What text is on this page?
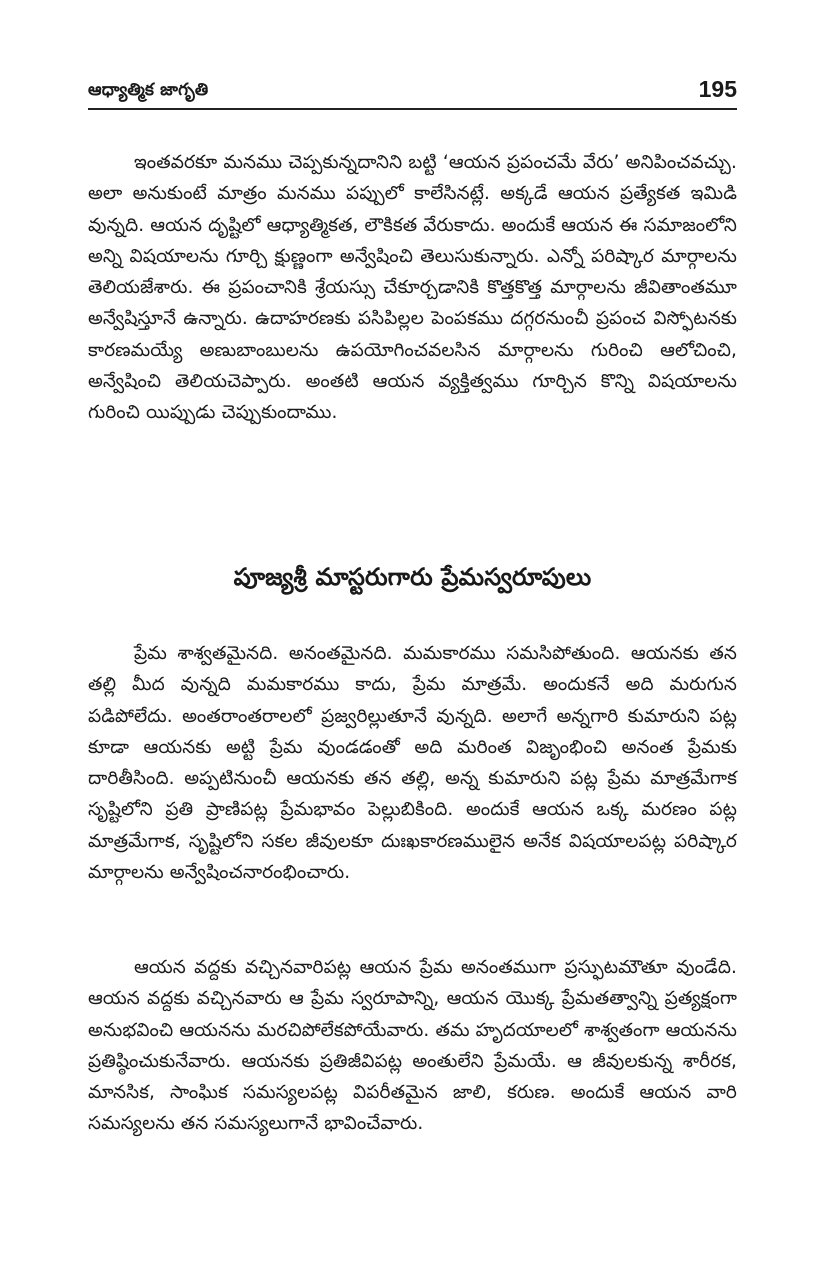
ఆధ్యాత్మిక జాగృతి	195

ఇంతవరకూ మనము చెప్పకున్నదానిని బట్టి ‘ఆయన ప్రపంచమే వేరు’ అనిపించవచ్చు. అలా అనుకుంటే మాత్రం మనము పప్పులో కాలేసినట్లే. అక్కడే ఆయన ప్రత్యేకత ఇమిడి వున్నది. ఆయన దృష్టిలో ఆధ్యాత్మికత, లౌకికత వేరుకాదు. అందుకే ఆయన ఈ సమాజంలోని అన్ని విషయాలను గూర్చి క్షుణ్ణంగా అన్వేషించి తెలుసుకున్నారు. ఎన్నో పరిష్కార మార్గాలను తెలియజేశారు. ఈ ప్రపంచానికి శ్రేయస్సు చేకూర్చడానికి కొత్తకొత్త మార్గాలను జీవితాంతమూ అన్వేషిస్తూనే ఉన్నారు. ఉదాహరణకు పసిపిల్లల పెంపకము దగ్గరనుంచీ ప్రపంచ విస్ఫోటనకు కారణమయ్యే అణుబాంబులను ఉపయోగించవలసిన మార్గాలను గురించి ఆలోచించి, అన్వేషించి తెలియచెప్పారు. అంతటి ఆయన వ్యక్తిత్వము గూర్చిన కొన్ని విషయాలను గురించి యిప్పుడు చెప్పుకుందాము.

పూజ్యశ్రీ మాస్టరుగారు ప్రేమస్వరూపులు

ప్రేమ శాశ్వతమైనది. అనంతమైనది. మమకారము సమసిపోతుంది. ఆయనకు తన తల్లి మీద వున్నది మమకారము కాదు, ప్రేమ మాత్రమే. అందుకనే అది మరుగున పడిపోలేదు. అంతరాంతరాలలో ప్రజ్వరిల్లుతూనే వున్నది. అలాగే అన్నగారి కుమారుని పట్ల కూడా ఆయనకు అట్టి ప్రేమ వుండడంతో అది మరింత విజృంభించి అనంత ప్రేమకు దారితీసింది. అప్పటినుంచీ ఆయనకు తన తల్లి, అన్న కుమారుని పట్ల ప్రేమ మాత్రమేగాక సృష్టిలోని ప్రతి ప్రాణిపట్ల ప్రేమభావం పెల్లుబికింది. అందుకే ఆయన ఒక్క మరణం పట్ల మాత్రమేగాక, సృష్టిలోని సకల జీవులకూ దుఃఖకారణములైన అనేక విషయాలపట్ల పరిష్కార మార్గాలను అన్వేషించనారంభించారు.

ఆయన వద్దకు వచ్చినవారిపట్ల ఆయన ప్రేమ అనంతముగా ప్రస్ఫుటమౌతూ వుండేది. ఆయన వద్దకు వచ్చినవారు ఆ ప్రేమ స్వరూపాన్ని, ఆయన యొక్క ప్రేమతత్వాన్ని ప్రత్యక్షంగా అనుభవించి ఆయనను మరచిపోలేకపోయేవారు. తమ హృదయాలలో శాశ్వతంగా ఆయనను ప్రతిష్ఠించుకునేవారు. ఆయనకు ప్రతిజీవిపట్ల అంతులేని ప్రేమయే. ఆ జీవులకున్న శారీరక, మానసిక, సాంఘిక సమస్యలపట్ల విపరీతమైన జాలి, కరుణ. అందుకే ఆయన వారి సమస్యలను తన సమస్యలుగానే భావించేవారు.
